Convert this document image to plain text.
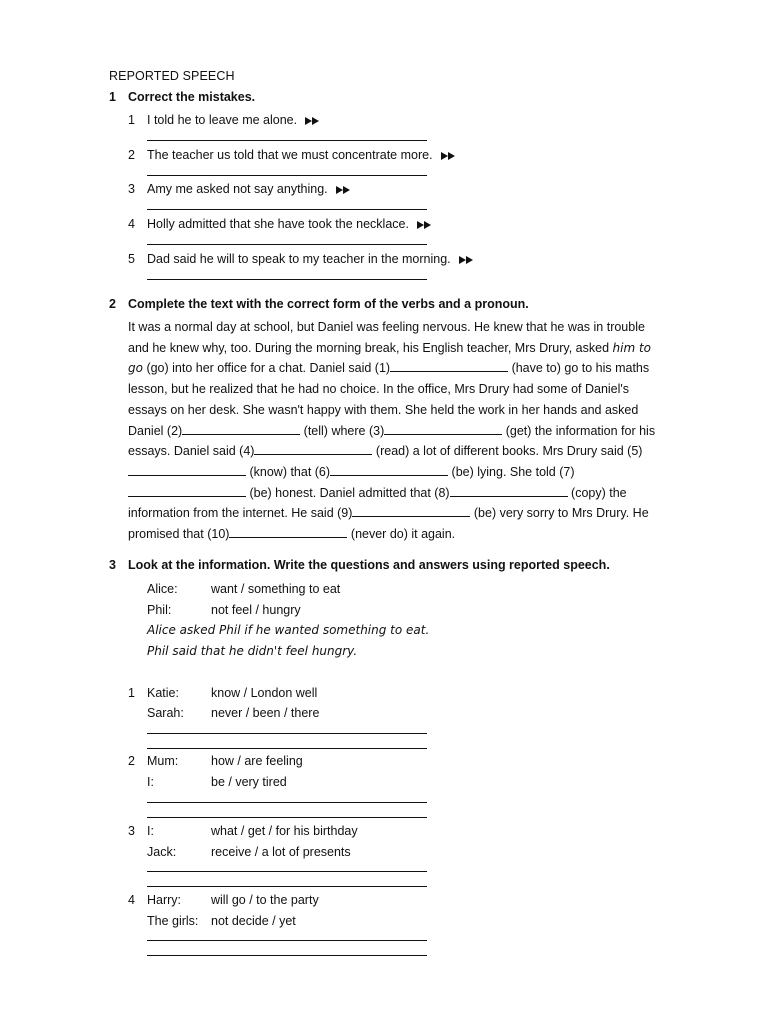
REPORTED SPEECH
1 Correct the mistakes.
1 I told he to leave me alone.
2 The teacher us told that we must concentrate more.
3 Amy me asked not say anything.
4 Holly admitted that she have took the necklace.
5 Dad said he will to speak to my teacher in the morning.
2 Complete the text with the correct form of the verbs and a pronoun.
It was a normal day at school, but Daniel was feeling nervous. He knew that he was in trouble and he knew why, too. During the morning break, his English teacher, Mrs Drury, asked him to go (go) into her office for a chat. Daniel said (1)	(have to) go to his maths lesson, but he realized that he had no choice. In the office, Mrs Drury had some of Daniel's essays on her desk. She wasn't happy with them. She held the work in her hands and asked Daniel (2)	(tell) where (3)	(get) the information for his essays. Daniel said (4)	(read) a lot of different books. Mrs Drury said (5) (know) that (6)	(be) lying. She told (7) (be) honest. Daniel admitted that (8)	(copy) the information from the internet. He said (9)	(be) very sorry to Mrs Drury. He promised that (10)	(never do) it again.
3 Look at the information. Write the questions and answers using reported speech.
Alice:	want / something to eat
Phil:	not feel / hungry
Alice asked Phil if he wanted something to eat.
Phil said that he didn't feel hungry.
1 Katie:	know / London well
Sarah: never / been / there
2 Mum:	how / are feeling
I:	be / very tired
3 I:	what / get / for his birthday
Jack:	receive / a lot of presents
4 Harry: will go / to the party
The girls: not decide / yet
